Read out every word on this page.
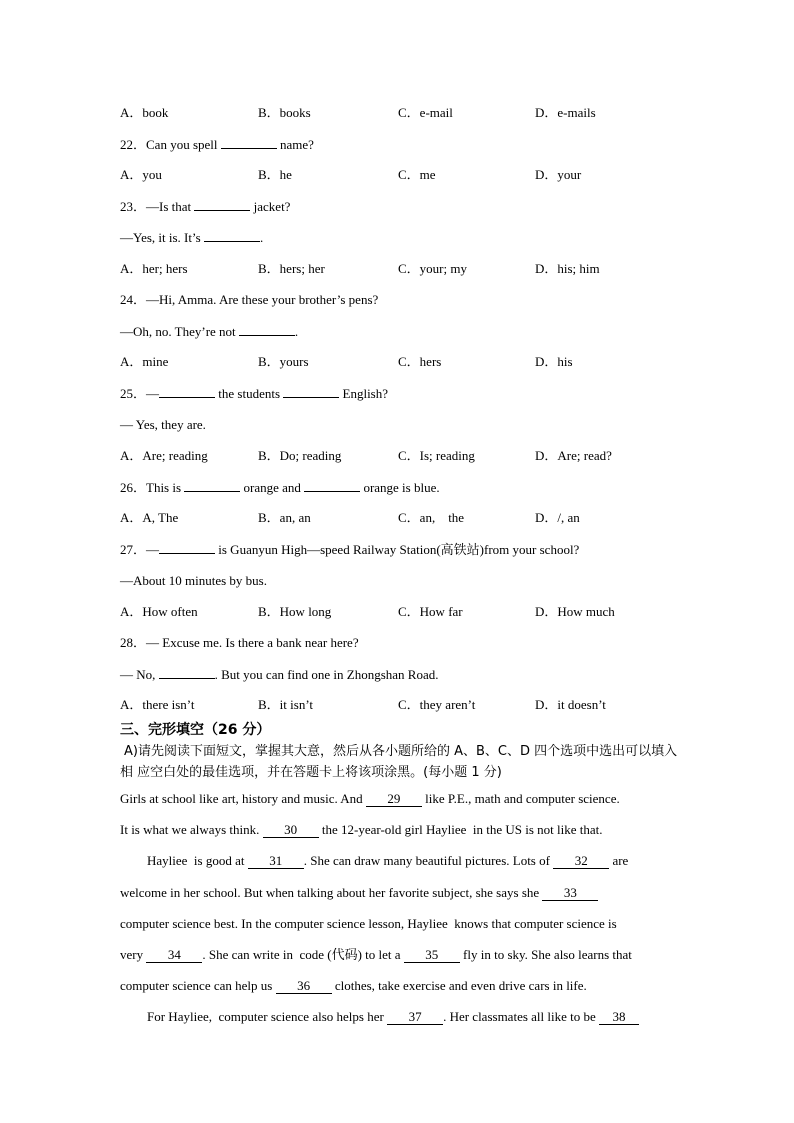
A．book	B．books	C．e-mail	D．e-mails
22．Can you spell	name?
A．you	B．he	C．me	D．your
23．—Is that	jacket?
—Yes, it is. It’s	.
A．her; hers	B．hers; her	C．your; my	D．his; him
24．—Hi, Amma. Are these your brother’s pens?
—Oh, no. They’re not	.
A．mine	B．yours	C．hers	D．his
25．—	the students	English?
— Yes, they are.
A．Are; reading	B．Do; reading	C．Is; reading	D．Are; read?
26．This is	orange and	orange is blue.
A．A, The	B．an, an	C．an,    the	D．/, an
27．—	is Guanyun High—speed Railway Station(高铁站)from your school?
—About 10 minutes by bus.
A．How often	B．How long	C．How far	D．How much
28．— Excuse me. Is there a bank near here?
— No,	. But you can find one in Zhongshan Road.
A．there isn’t	B．it isn’t	C．they aren’t	D．it doesn’t
三、完形填空（26 分）
A)请先阅读下面短文，掌握其大意，然后从各小题所给的 A、B、C、D 四个选项中选出可以填入相 应空白处的最佳选项，并在答题卡上将该项涂黑。(每小题 1 分)
Girls at school like art, history and music. And 29 like P.E., math and computer science.
It is what we always think. 30 the 12-year-old girl Hayliee  in the US is not like that.
Hayliee  is good at 31 . She can draw many beautiful pictures. Lots of 32 are
welcome in her school. But when talking about her favorite subject, she says she 33
computer science best. In the computer science lesson, Hayliee  knows that computer science is
very 34 . She can write in  code (代码) to let a 35 fly in to sky. She also learns that
computer science can help us 36 clothes, take exercise and even drive cars in life.
For Hayliee,  computer science also helps her 37 . Her classmates all like to be 38
